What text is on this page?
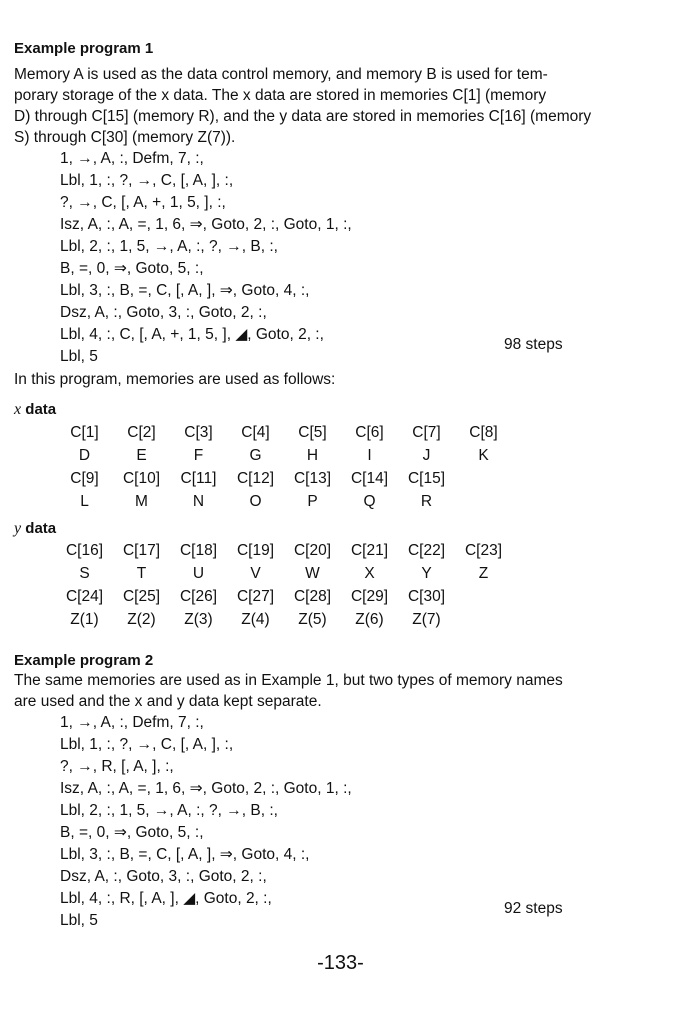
Example program 1
Memory A is used as the data control memory, and memory B is used for tem-
porary storage of the x data. The x data are stored in memories C[1] (memory
D) through C[15] (memory R), and the y data are stored in memories C[16] (memory
S) through C[30] (memory Z(7)).
1, →, A, :, Defm, 7, :,
Lbl, 1, :, ?, →, C, [, A, ], :,
?, →, C, [, A, +, 1, 5, ], :,
Isz, A, :, A, =, 1, 6, ⇒, Goto, 2, :, Goto, 1, :,
Lbl, 2, :, 1, 5, →, A, :, ?, →, B, :,
B, =, 0, ⇒, Goto, 5, :,
Lbl, 3, :, B, =, C, [, A, ], ⇒, Goto, 4, :,
Dsz, A, :, Goto, 3, :, Goto, 2, :,
Lbl, 4, :, C, [, A, +, 1, 5, ], ◢, Goto, 2, :,
Lbl, 5
98 steps
In this program, memories are used as follows:
x data
C[1]	C[2]	C[3]	C[4]	C[5]	C[6]	C[7]	C[8]
D	E	F	G	H	I	J	K
C[9]	C[10]	C[11]	C[12]	C[13]	C[14]	C[15]
L	M	N	O	P	Q	R
y data
C[16]	C[17]	C[18]	C[19]	C[20]	C[21]	C[22]	C[23]
S	T	U	V	W	X	Y	Z
C[24]	C[25]	C[26]	C[27]	C[28]	C[29]	C[30]
Z(1)	Z(2)	Z(3)	Z(4)	Z(5)	Z(6)	Z(7)
Example program 2
The same memories are used as in Example 1, but two types of memory names
are used and the x and y data kept separate.
1, →, A, :, Defm, 7, :,
Lbl, 1, :, ?, →, C, [, A, ], :,
?, →, R, [, A, ], :,
Isz, A, :, A, =, 1, 6, ⇒, Goto, 2, :, Goto, 1, :,
Lbl, 2, :, 1, 5, →, A, :, ?, →, B, :,
B, =, 0, ⇒, Goto, 5, :,
Lbl, 3, :, B, =, C, [, A, ], ⇒, Goto, 4, :,
Dsz, A, :, Goto, 3, :, Goto, 2, :,
Lbl, 4, :, R, [, A, ], ◢, Goto, 2, :,
Lbl, 5
92 steps
-133-
